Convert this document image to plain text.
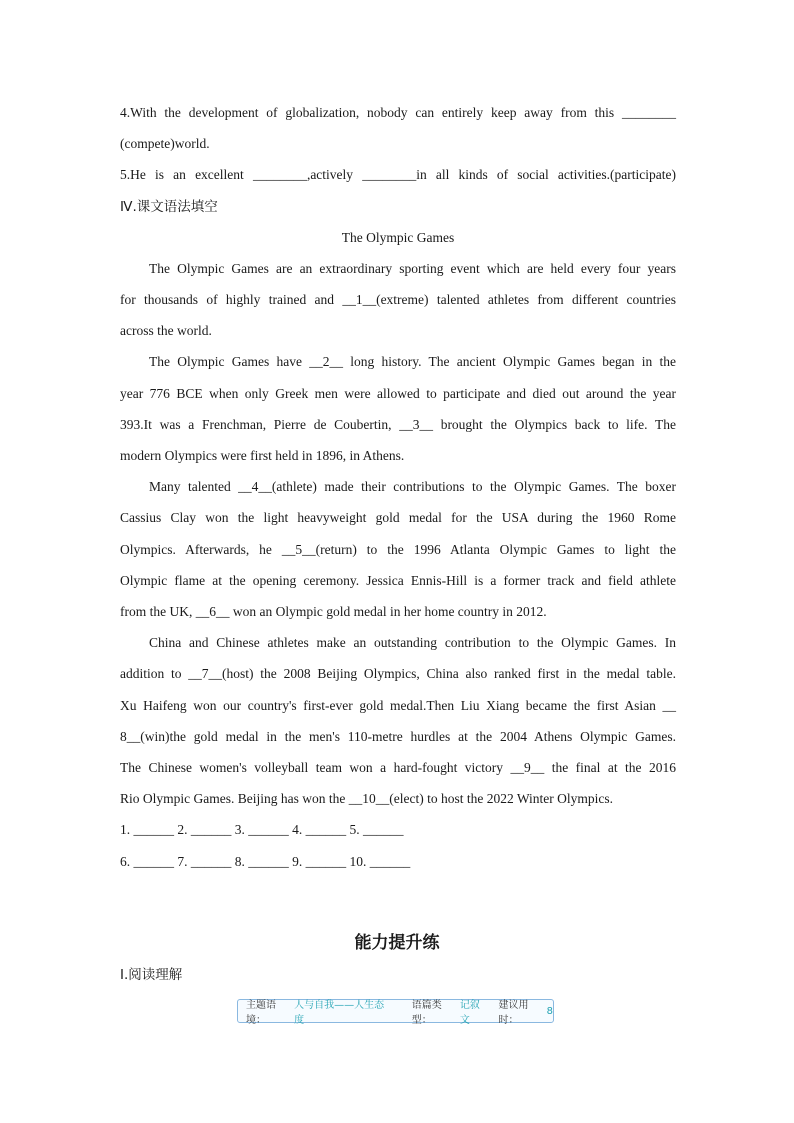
4.With the development of globalization, nobody can entirely keep away from this ________
(compete)world.
5.He is an excellent ________,actively ________in all kinds of social activities.(participate)
Ⅳ.课文语法填空
The Olympic Games
The Olympic Games are an extraordinary sporting event which are held every four years
for thousands of highly trained and __1__(extreme) talented athletes from different countries
across the world.
The Olympic Games have __2__ long history. The ancient Olympic Games began in the
year 776 BCE when only Greek men were allowed to participate and died out around the year
393.It was a Frenchman, Pierre de Coubertin, __3__ brought the Olympics back to life. The
modern Olympics were first held in 1896, in Athens.
Many talented __4__(athlete) made their contributions to the Olympic Games. The boxer
Cassius Clay won the light heavyweight gold medal for the USA during the 1960 Rome
Olympics. Afterwards, he __5__(return) to the 1996 Atlanta Olympic Games to light the
Olympic flame at the opening ceremony. Jessica Ennis-Hill is a former track and field athlete
from the UK, __6__ won an Olympic gold medal in her home country in 2012.
China and Chinese athletes make an outstanding contribution to the Olympic Games. In
addition to __7__(host) the 2008 Beijing Olympics, China also ranked first in the medal table.
Xu Haifeng won our country's first-ever gold medal.Then Liu Xiang became the first Asian __
8__(win)the gold medal in the men's 110-metre hurdles at the 2004 Athens Olympic Games.
The Chinese women's volleyball team won a hard-fought victory __9__ the final at the 2016
Rio Olympic Games. Beijing has won the __10__(elect) to host the 2022 Winter Olympics.
1. ______ 2. ______ 3. ______ 4. ______ 5. ______
6. ______ 7. ______ 8. ______ 9. ______ 10. ______
能力提升练
Ⅰ.阅读理解
主题语境：
人与自我——人生态度
语篇类型：
记叙文
建议用时：
8
